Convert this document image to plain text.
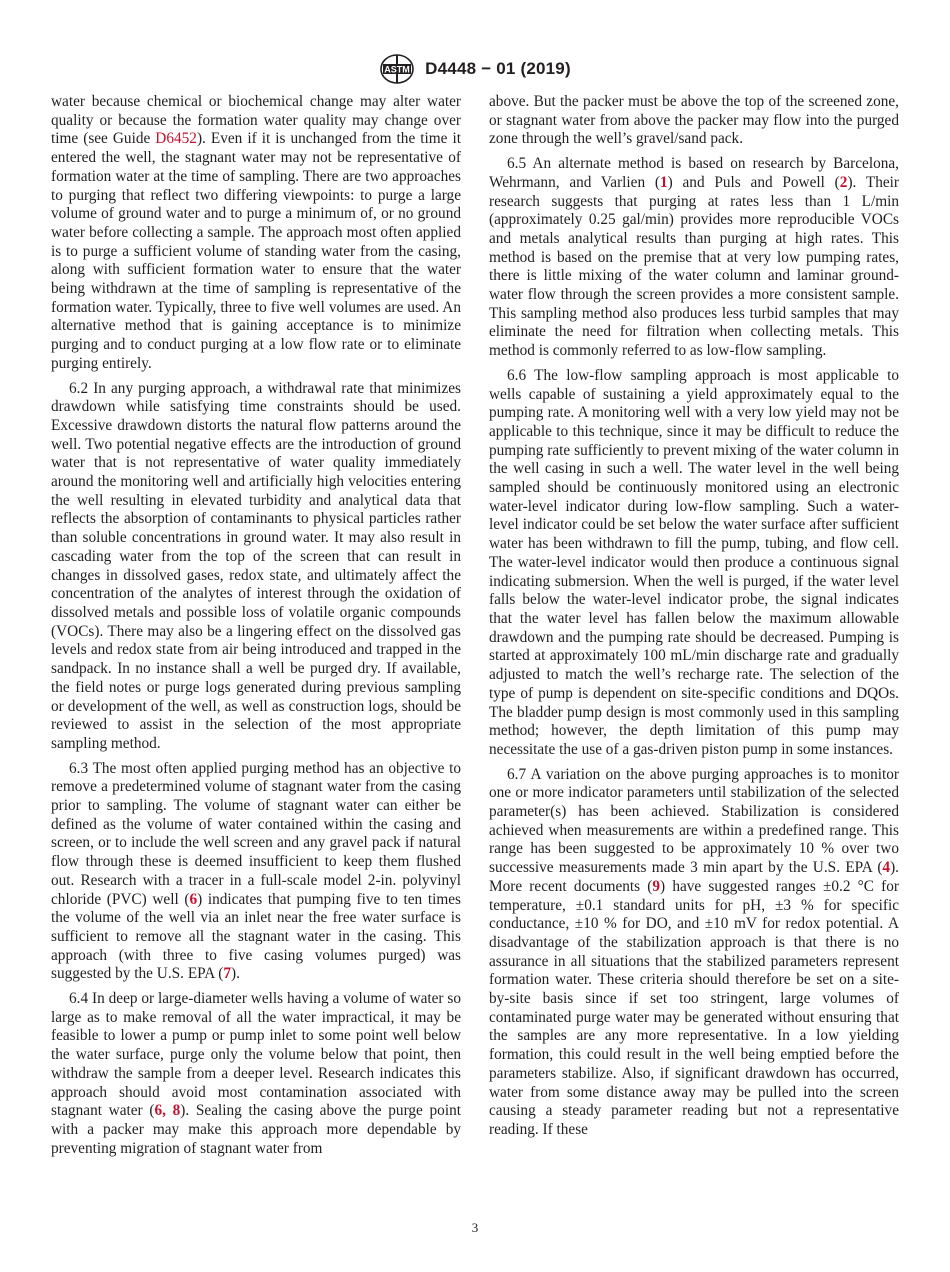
ASTM D4448 − 01 (2019)

water because chemical or biochemical change may alter water quality or because the formation water quality may change over time (see Guide D6452). Even if it is unchanged from the time it entered the well, the stagnant water may not be representative of formation water at the time of sampling. There are two approaches to purging that reflect two differing viewpoints: to purge a large volume of ground water and to purge a minimum of, or no ground water before collecting a sample. The approach most often applied is to purge a sufficient volume of standing water from the casing, along with sufficient formation water to ensure that the water being withdrawn at the time of sampling is representative of the formation water. Typically, three to five well volumes are used. An alternative method that is gaining acceptance is to minimize purging and to conduct purging at a low flow rate or to eliminate purging entirely.

6.2 In any purging approach, a withdrawal rate that minimizes drawdown while satisfying time constraints should be used. Excessive drawdown distorts the natural flow patterns around the well. Two potential negative effects are the introduction of ground water that is not representative of water quality immediately around the monitoring well and artificially high velocities entering the well resulting in elevated turbidity and analytical data that reflects the absorption of contaminants to physical particles rather than soluble concentrations in ground water. It may also result in cascading water from the top of the screen that can result in changes in dissolved gases, redox state, and ultimately affect the concentration of the analytes of interest through the oxidation of dissolved metals and possible loss of volatile organic compounds (VOCs). There may also be a lingering effect on the dissolved gas levels and redox state from air being introduced and trapped in the sandpack. In no instance shall a well be purged dry. If available, the field notes or purge logs generated during previous sampling or development of the well, as well as construction logs, should be reviewed to assist in the selection of the most appropriate sampling method.

6.3 The most often applied purging method has an objective to remove a predetermined volume of stagnant water from the casing prior to sampling. The volume of stagnant water can either be defined as the volume of water contained within the casing and screen, or to include the well screen and any gravel pack if natural flow through these is deemed insufficient to keep them flushed out. Research with a tracer in a full-scale model 2-in. polyvinyl chloride (PVC) well (6) indicates that pumping five to ten times the volume of the well via an inlet near the free water surface is sufficient to remove all the stagnant water in the casing. This approach (with three to five casing volumes purged) was suggested by the U.S. EPA (7).

6.4 In deep or large-diameter wells having a volume of water so large as to make removal of all the water impractical, it may be feasible to lower a pump or pump inlet to some point well below the water surface, purge only the volume below that point, then withdraw the sample from a deeper level. Research indicates this approach should avoid most contamination associated with stagnant water (6, 8). Sealing the casing above the purge point with a packer may make this approach more dependable by preventing migration of stagnant water from

above. But the packer must be above the top of the screened zone, or stagnant water from above the packer may flow into the purged zone through the well’s gravel/sand pack.

6.5 An alternate method is based on research by Barcelona, Wehrmann, and Varlien (1) and Puls and Powell (2). Their research suggests that purging at rates less than 1 L/min (approximately 0.25 gal/min) provides more reproducible VOCs and metals analytical results than purging at high rates. This method is based on the premise that at very low pumping rates, there is little mixing of the water column and laminar ground-water flow through the screen provides a more consistent sample. This sampling method also produces less turbid samples that may eliminate the need for filtration when collecting metals. This method is commonly referred to as low-flow sampling.

6.6 The low-flow sampling approach is most applicable to wells capable of sustaining a yield approximately equal to the pumping rate. A monitoring well with a very low yield may not be applicable to this technique, since it may be difficult to reduce the pumping rate sufficiently to prevent mixing of the water column in the well casing in such a well. The water level in the well being sampled should be continuously monitored using an electronic water-level indicator during low-flow sampling. Such a water-level indicator could be set below the water surface after sufficient water has been withdrawn to fill the pump, tubing, and flow cell. The water-level indicator would then produce a continuous signal indicating submersion. When the well is purged, if the water level falls below the water-level indicator probe, the signal indicates that the water level has fallen below the maximum allowable drawdown and the pumping rate should be decreased. Pumping is started at approximately 100 mL/min discharge rate and gradually adjusted to match the well’s recharge rate. The selection of the type of pump is dependent on site-specific conditions and DQOs. The bladder pump design is most commonly used in this sampling method; however, the depth limitation of this pump may necessitate the use of a gas-driven piston pump in some instances.

6.7 A variation on the above purging approaches is to monitor one or more indicator parameters until stabilization of the selected parameter(s) has been achieved. Stabilization is considered achieved when measurements are within a predefined range. This range has been suggested to be approximately 10 % over two successive measurements made 3 min apart by the U.S. EPA (4). More recent documents (9) have suggested ranges ±0.2 °C for temperature, ±0.1 standard units for pH, ±3 % for specific conductance, ±10 % for DO, and ±10 mV for redox potential. A disadvantage of the stabilization approach is that there is no assurance in all situations that the stabilized parameters represent formation water. These criteria should therefore be set on a site-by-site basis since if set too stringent, large volumes of contaminated purge water may be generated without ensuring that the samples are any more representative. In a low yielding formation, this could result in the well being emptied before the parameters stabilize. Also, if significant drawdown has occurred, water from some distance away may be pulled into the screen causing a steady parameter reading but not a representative reading. If these

3
